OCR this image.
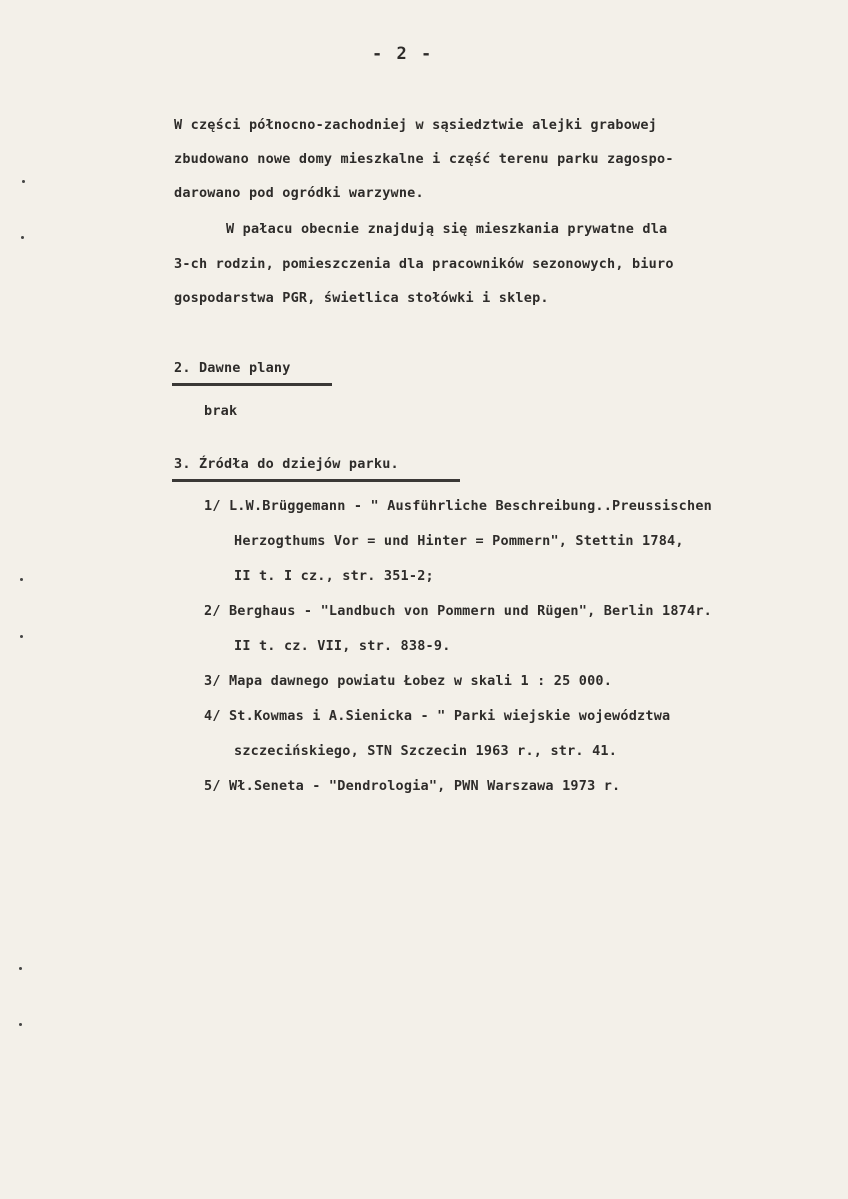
- 2 -
W części północno-zachodniej w sąsiedztwie alejki grabowej
zbudowano nowe domy mieszkalne i część terenu parku zagospo-
darowano pod ogródki warzywne.
W pałacu obecnie znajdują się mieszkania prywatne dla
3-ch rodzin, pomieszczenia dla pracowników sezonowych, biuro
gospodarstwa PGR, świetlica stołówki i sklep.
2. Dawne plany
brak
3. Źródła do dziejów parku.
1/ L.W.Brüggemann - " Ausführliche Beschreibung..Preussischen
Herzogthums Vor = und Hinter = Pommern", Stettin 1784,
II t. I cz., str. 351-2;
2/ Berghaus - "Landbuch von Pommern und Rügen", Berlin 1874r.
II t. cz. VII, str. 838-9.
3/ Mapa dawnego powiatu Łobez w skali 1 : 25 000.
4/ St.Kowmas i A.Sienicka - " Parki wiejskie województwa
szczecińskiego, STN Szczecin 1963 r., str. 41.
5/ Wł.Seneta - "Dendrologia", PWN Warszawa 1973 r.
